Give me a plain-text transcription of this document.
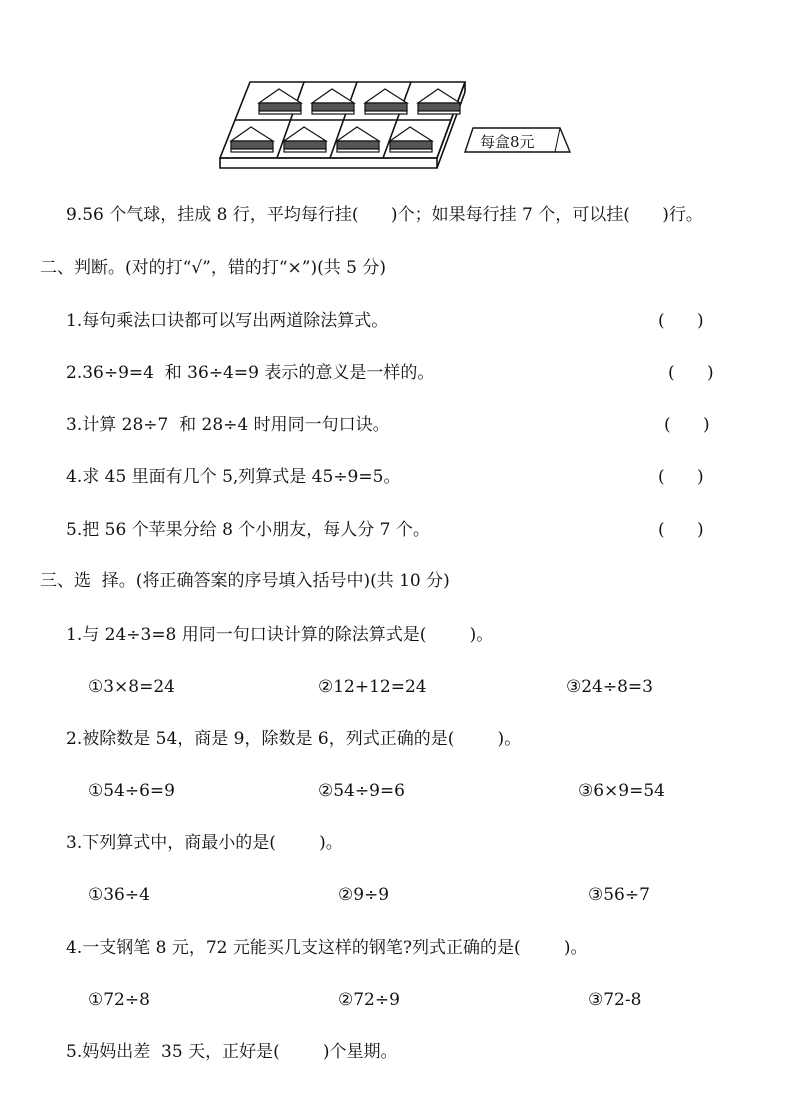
每盒8元
9.56 个气球，挂成 8 行，平均每行挂(      )个；如果每行挂 7 个，可以挂(      )行。
二、判断。(对的打“√”，错的打“×”)(共 5 分)
1.每句乘法口诀都可以写出两道除法算式。	(      )
2.36÷9=4  和 36÷4=9 表示的意义是一样的。	(      )
3.计算 28÷7  和 28÷4 时用同一句口诀。	(      )
4.求 45 里面有几个 5,列算式是 45÷9=5。	(      )
5.把 56 个苹果分给 8 个小朋友，每人分 7 个。	(      )
三、选  择。(将正确答案的序号填入括号中)(共 10 分)
1.与 24÷3=8 用同一句口诀计算的除法算式是(        )。
①3×8=24	②12+12=24	③24÷8=3
2.被除数是 54，商是 9，除数是 6，列式正确的是(        )。
①54÷6=9	②54÷9=6	③6×9=54
3.下列算式中，商最小的是(        )。
①36÷4	②9÷9	③56÷7
4.一支钢笔 8 元，72 元能买几支这样的钢笔?列式正确的是(        )。
①72÷8	②72÷9	③72-8
5.妈妈出差  35 天，正好是(        )个星期。
